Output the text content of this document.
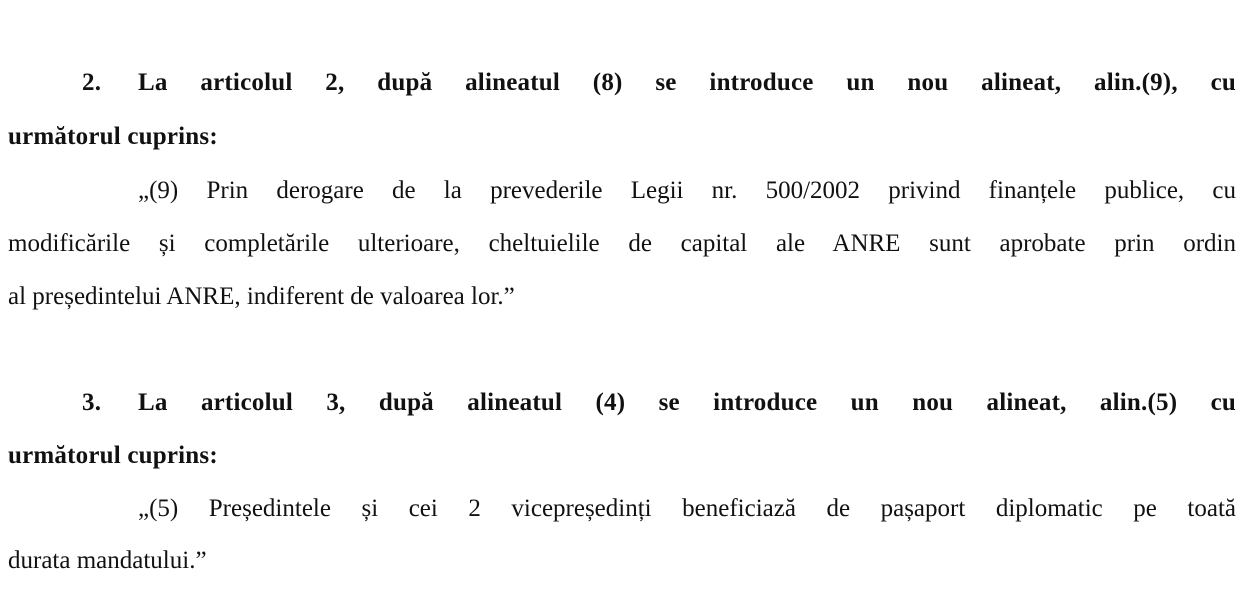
2. La articolul 2, după alineatul (8) se introduce un nou alineat, alin.(9), cu
următorul cuprins:
„(9) Prin derogare de la prevederile Legii nr. 500/2002 privind finanțele publice, cu
modificările și completările ulterioare, cheltuielile de capital ale ANRE sunt aprobate prin ordin
al președintelui ANRE, indiferent de valoarea lor.”
3. La articolul 3, după alineatul (4) se introduce un nou alineat, alin.(5) cu
următorul cuprins:
„(5) Președintele și cei 2 vicepreședinți beneficiază de pașaport diplomatic pe toată
durata mandatului.”
